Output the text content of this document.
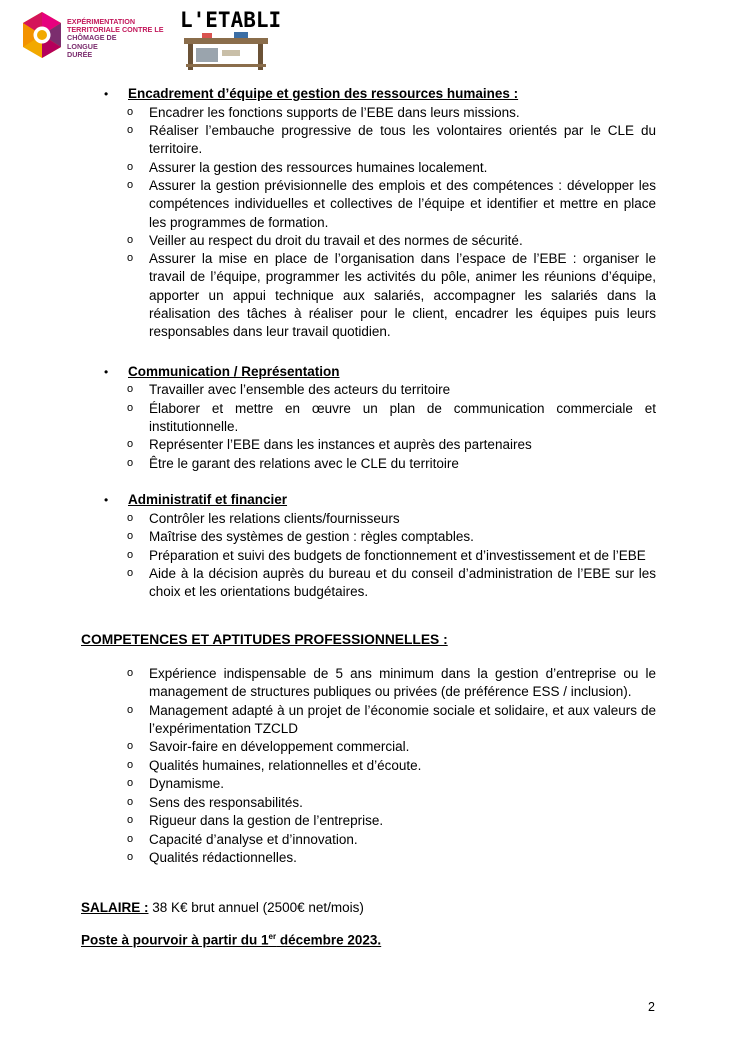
EXPÉRIMENTATION
TERRITORIALE CONTRE LE
CHÔMAGE DE
LONGUE
DURÉE
L'ETABLI
• Encadrement d’équipe et gestion des ressources humaines :
o Encadrer les fonctions supports de l’EBE dans leurs missions.
o Réaliser l’embauche progressive de tous les volontaires orientés par le CLE du territoire.
o Assurer la gestion des ressources humaines localement.
o Assurer la gestion prévisionnelle des emplois et des compétences : développer les compétences individuelles et collectives de l’équipe et identifier et mettre en place les programmes de formation.
o Veiller au respect du droit du travail et des normes de sécurité.
o Assurer la mise en place de l’organisation dans l’espace de l’EBE : organiser le travail de l’équipe, programmer les activités du pôle, animer les réunions d’équipe, apporter un appui technique aux salariés, accompagner les salariés dans la réalisation des tâches à réaliser pour le client, encadrer les équipes puis leurs responsables dans leur travail quotidien.
• Communication / Représentation
o Travailler avec l’ensemble des acteurs du territoire
o Élaborer et mettre en œuvre un plan de communication commerciale et institutionnelle.
o Représenter l’EBE dans les instances et auprès des partenaires
o Être le garant des relations avec le CLE du territoire
• Administratif et financier
o Contrôler les relations clients/fournisseurs
o Maîtrise des systèmes de gestion : règles comptables.
o Préparation et suivi des budgets de fonctionnement et d’investissement et de l’EBE
o Aide à la décision auprès du bureau et du conseil d’administration de l’EBE sur les choix et les orientations budgétaires.
COMPETENCES ET APTITUDES PROFESSIONNELLES :
o Expérience indispensable de 5 ans minimum dans la gestion d’entreprise ou le management de structures publiques ou privées (de préférence ESS / inclusion).
o Management adapté à un projet de l’économie sociale et solidaire, et aux valeurs de l’expérimentation TZCLD
o Savoir-faire en développement commercial.
o Qualités humaines, relationnelles et d’écoute.
o Dynamisme.
o Sens des responsabilités.
o Rigueur dans la gestion de l’entreprise.
o Capacité d’analyse et d’innovation.
o Qualités rédactionnelles.
SALAIRE : 38 K€ brut annuel (2500€ net/mois)
Poste à pourvoir à partir du 1er décembre 2023.
2
